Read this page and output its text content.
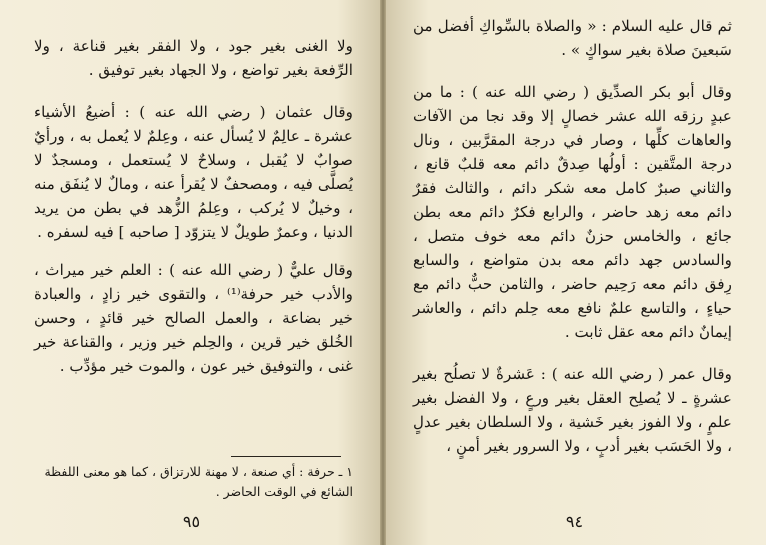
ولا الغنى بغير جود ، ولا الفقر بغير قناعة ، ولا الرِّفعة بغير تواضع ، ولا الجهاد بغير توفيق .

وقال عثمان ( رضي الله عنه ) : أضيعُ الأشياء عشرة ـ عالِمٌ لا يُسأل عنه ، وعِلمٌ لا يُعمل به ، ورأيٌ صوابٌ لا يُقبل ، وسلاحٌ لا يُستعمل ، ومسجدٌ لا يُصلَّى فيه ، ومصحفٌ لا يُقرأ عنه ، ومالٌ لا يُنفَق منه ، وخيلٌ لا يُركب ، وعِلمُ الزُّهد في بطن من يريد الدنيا ، وعمرٌ طويلٌ لا يتزوّد [ صاحبه ] فيه لسفره .

وقال عليٌّ ( رضي الله عنه ) : العلم خير ميراث ، والأدب خير حرفة⁽¹⁾ ، والتقوى خير زادٍ ، والعبادة خير بضاعة ، والعمل الصالح خير قائدٍ ، وحسن الخُلق خير قرين ، والحِلم خير وزير ، والقناعة خير غنى ، والتوفيق خير عون ، والموت خير مؤدِّب .

١ ـ حرفة : أي صنعة ، لا مهنة للارتزاق ، كما هو معنى اللفظة الشائع في الوقت الحاضر .
٩٥

ثم قال عليه السلام : « والصلاة بالسِّواكِ أفضل من سَبعينَ صلاة بغير سواكٍ » .

وقال أبو بكر الصدِّيق ( رضي الله عنه ) : ما من عبدٍ رزقه الله عشر خصالٍ إلا وقد نجا من الآفات والعاهات كلِّها ، وصار في درجة المقرَّبين ، ونال درجة المتَّقين : أولُها صِدقٌ دائم معه قلبٌ قانع ، والثاني صبرٌ كامل معه شكر دائم ، والثالث فقرٌ دائم معه زهد حاضر ، والرابع فكرٌ دائم معه بطن جائع ، والخامس حزنٌ دائم معه خوف متصل ، والسادس جهد دائم معه بدن متواضع ، والسابع رِفق دائم معه رَحِيم حاضر ، والثامن حبٌّ دائم مع حياءٍ ، والتاسع علمٌ نافع معه حِلم دائم ، والعاشر إيمانٌ دائم معه عقل ثابت .

وقال عمر ( رضي الله عنه ) : عَشرةٌ لا تصلُح بغير عشرةٍ ـ لا يُصلِح العقل بغير ورعٍ ، ولا الفضل بغير علمٍ ، ولا الفوز بغير خَشية ، ولا السلطان بغير عدلٍ ، ولا الحَسَب بغير أدبٍ ، ولا السرور بغير أمنٍ ،

٩٤
